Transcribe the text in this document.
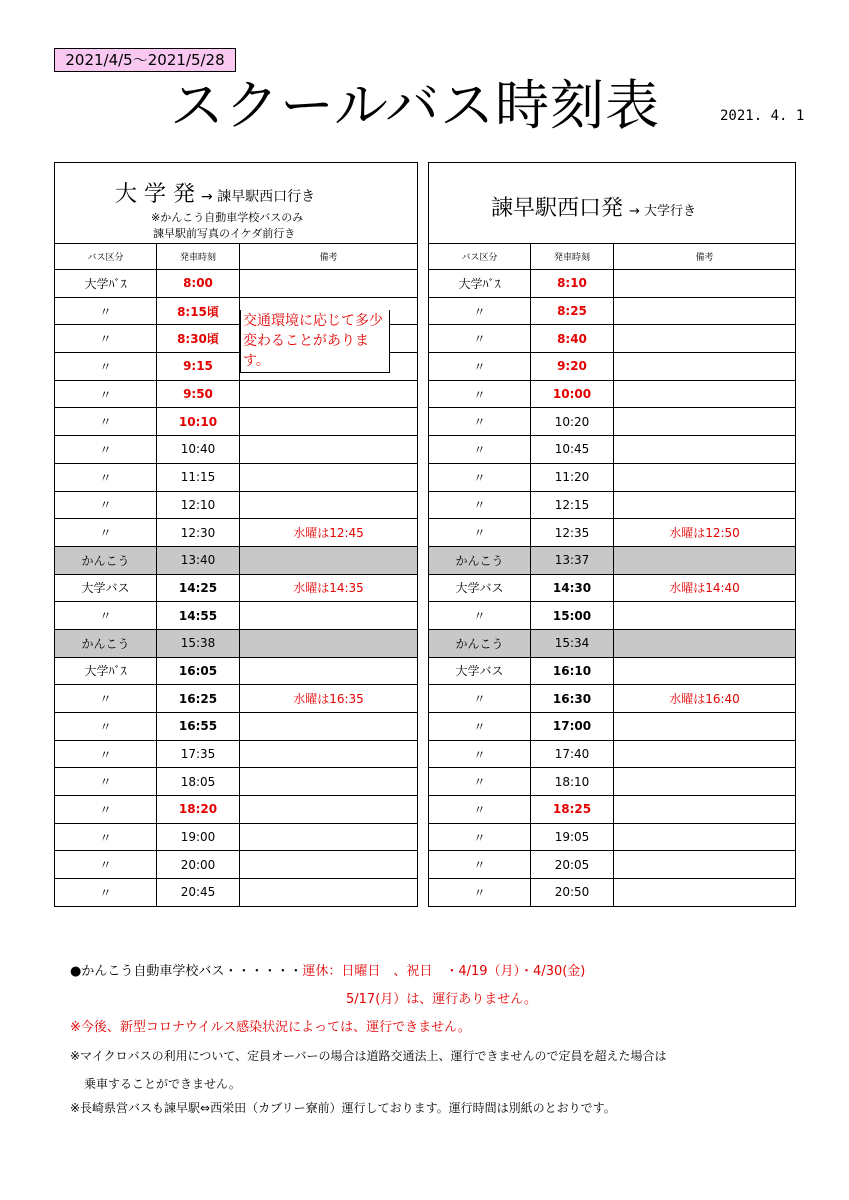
2021/4/5～2021/5/28
スクールバス時刻表	2021. 4. 1
大 学 発 → 諫早駅西口行き
※かんこう自動車学校バスのみ
諫早駅前写真のイケダ前行き		

バス区分	発車時刻	備考
大学ﾊﾞｽ	8:00	
〃	8:15頃	
〃	8:30頃	
〃	9:15	
〃	9:50	
〃	10:10	
〃	10:40	
〃	11:15	
〃	12:10	
〃	12:30	水曜は12:45
かんこう	13:40	
大学バス	14:25	水曜は14:35
〃	14:55	
かんこう	15:38	
大学ﾊﾞｽ	16:05	
〃	16:25	水曜は16:35
〃	16:55	
〃	17:35	
〃	18:05	
〃	18:20	
〃	19:00	
〃	20:00	
〃	20:45	
交通環境に応じて多少変わることがあります。
諫早駅西口発 → 大学行き		

バス区分	発車時刻	備考
大学ﾊﾞｽ	8:10	
〃	8:25	
〃	8:40	
〃	9:20	
〃	10:00	
〃	10:20	
〃	10:45	
〃	11:20	
〃	12:15	
〃	12:35	水曜は12:50
かんこう	13:37	
大学バス	14:30	水曜は14:40
〃	15:00	
かんこう	15:34	
大学バス	16:10	
〃	16:30	水曜は16:40
〃	17:00	
〃	17:40	
〃	18:10	
〃	18:25	
〃	19:05	
〃	20:05	
〃	20:50	
●かんこう自動車学校バス・・・・・・運休：日曜日　、祝日　・4/19（月）・4/30(金)
5/17(月）は、運行ありません。
※今後、新型コロナウイルス感染状況によっては、運行できません。
※マイクロバスの利用について、定員オーバーの場合は道路交通法上、運行できませんので定員を超えた場合は
乗車することができません。
※長崎県営バスも諫早駅⇔西栄田（カブリー寮前）運行しております。運行時間は別紙のとおりです。
